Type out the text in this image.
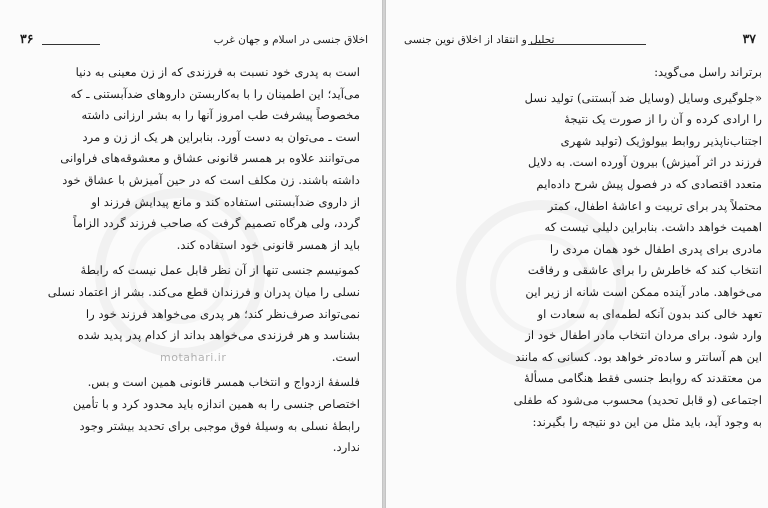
motahari.ir
۳۶	اخلاق جنسی در اسلام و جهان غرب
است به پدری خود نسبت به فرزندی که از زن معینی به دنیا
می‌آید؛ این اطمینان را با به‌کاربستن داروهای ضدآبستنی ـ که
مخصوصاً پیشرفت طب امروز آنها را به بشر ارزانی داشته
است ـ می‌توان به دست آورد. بنابراین هر یک از زن و مرد
می‌توانند علاوه بر همسر قانونی عشاق و معشوقه‌های فراوانی
داشته باشند. زن مکلف است که در حین آمیزش با عشاق خود
از داروی ضدآبستنی استفاده کند و مانع پیدایش فرزند او
گردد، ولی هرگاه تصمیم گرفت که صاحب فرزند گردد الزاماً
باید از همسر قانونی خود استفاده کند.
کمونیسم جنسی تنها از آن نظر قابل عمل نیست که رابطهٔ
نسلی را میان پدران و فرزندان قطع می‌کند. بشر از اعتماد نسلی
نمی‌تواند صرف‌نظر کند؛ هر پدری می‌خواهد فرزند خود را
بشناسد و هر فرزندی می‌خواهد بداند از کدام پدر پدید شده
است.
فلسفهٔ ازدواج و انتخاب همسر قانونی همین است و بس.
اختصاص جنسی را به همین اندازه باید محدود کرد و با تأمین
رابطهٔ نسلی به وسیلهٔ فوق موجبی برای تحدید بیشتر وجود
ندارد.
۳۷
تحلیل و انتقاد از اخلاق نوین جنسی
برتراند راسل می‌گوید:
«جلوگیری وسایل (وسایل ضد آبستنی) تولید نسل
را ارادی کرده و آن را از صورت یک نتیجهٔ
اجتناب‌ناپذیر روابط بیولوژیک (تولید شهری
فرزند در اثر آمیزش) بیرون آورده است. به دلایل
متعدد اقتصادی که در فصول پیش شرح داده‌ایم
محتملاً پدر برای تربیت و اعاشهٔ اطفال، کمتر
اهمیت خواهد داشت. بنابراین دلیلی نیست که
مادری برای پدری اطفال خود همان مردی را
انتخاب کند که خاطرش را برای عاشقی و رفاقت
می‌خواهد. مادر آینده ممکن است شانه از زیر این
تعهد خالی کند بدون آنکه لطمه‌ای به سعادت او
وارد شود. برای مردان انتخاب مادر اطفال خود از
این هم آسانتر و ساده‌تر خواهد بود. کسانی که مانند
من معتقدند که روابط جنسی فقط هنگامی مسألهٔ
اجتماعی (و قابل تحدید) محسوب می‌شود که طفلی
به وجود آید، باید مثل من این دو نتیجه را بگیرند:
